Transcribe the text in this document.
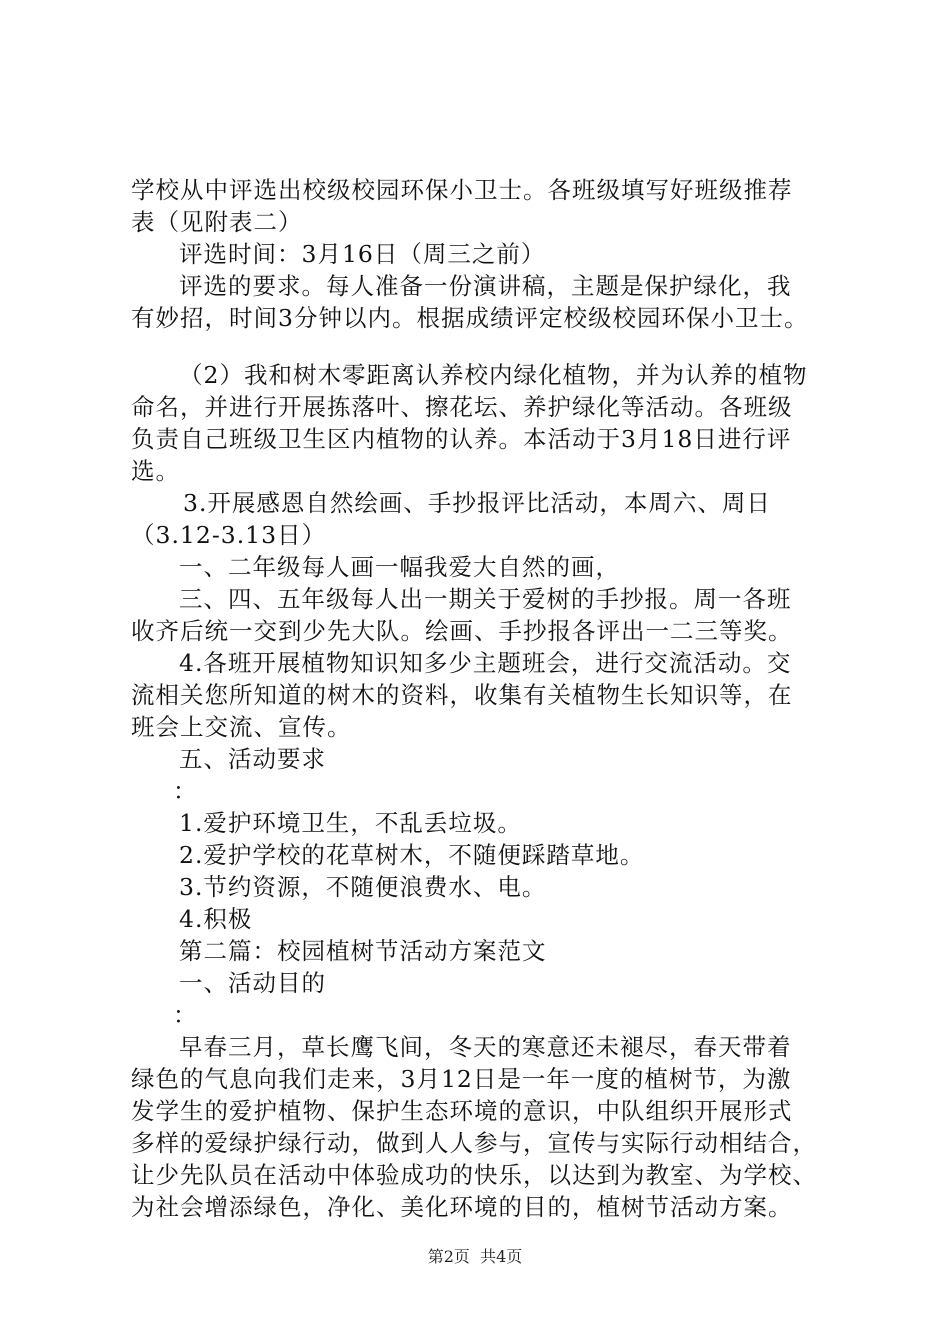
学校从中评选出校级校园环保小卫士。各班级填写好班级推荐
表（见附表二）
评选时间：3月16日（周三之前）
评选的要求。每人准备一份演讲稿，主题是保护绿化，我
有妙招，时间3分钟以内。根据成绩评定校级校园环保小卫士。
（2）我和树木零距离认养校内绿化植物，并为认养的植物
命名，并进行开展拣落叶、擦花坛、养护绿化等活动。各班级
负责自己班级卫生区内植物的认养。本活动于3月18日进行评
选。
3.开展感恩自然绘画、手抄报评比活动，本周六、周日
（3.12-3.13日）
一、二年级每人画一幅我爱大自然的画，
三、四、五年级每人出一期关于爱树的手抄报。周一各班
收齐后统一交到少先大队。绘画、手抄报各评出一二三等奖。
4.各班开展植物知识知多少主题班会，进行交流活动。交
流相关您所知道的树木的资料，收集有关植物生长知识等，在
班会上交流、宣传。
五、活动要求
：
1.爱护环境卫生，不乱丢垃圾。
2.爱护学校的花草树木，不随便踩踏草地。
3.节约资源，不随便浪费水、电。
4.积极
第二篇：校园植树节活动方案范文
一、活动目的
：
早春三月，草长鹰飞间，冬天的寒意还未褪尽，春天带着
绿色的气息向我们走来，3月12日是一年一度的植树节，为激
发学生的爱护植物、保护生态环境的意识，中队组织开展形式
多样的爱绿护绿行动，做到人人参与，宣传与实际行动相结合，
让少先队员在活动中体验成功的快乐，以达到为教室、为学校、
为社会增添绿色，净化、美化环境的目的，植树节活动方案。
第2页  共4页
